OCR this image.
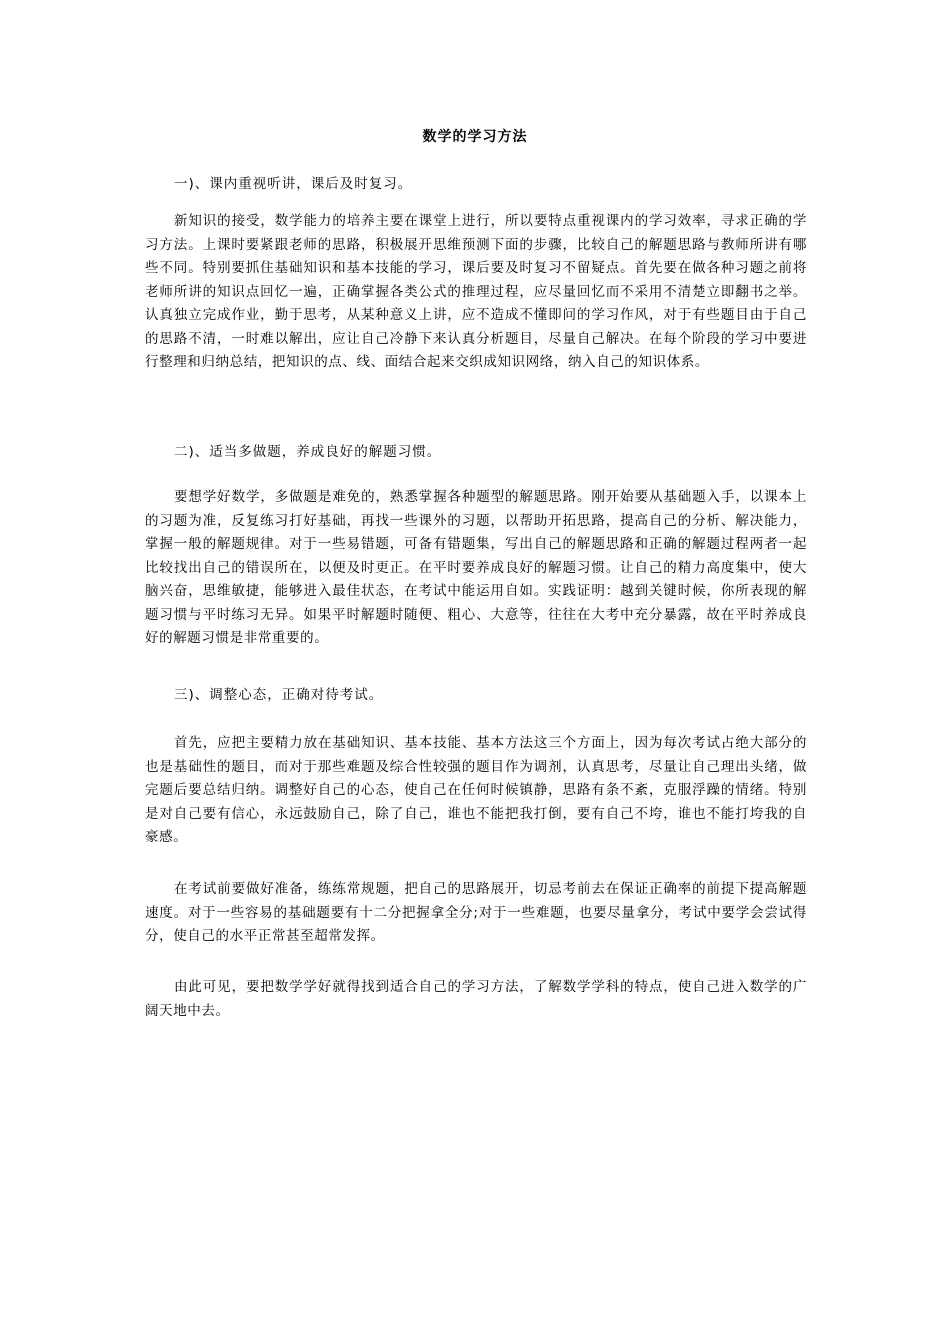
数学的学习方法
一)、课内重视听讲，课后及时复习。

新知识的接受，数学能力的培养主要在课堂上进行，所以要特点重视课内的学习效率，寻求正确的学习方法。上课时要紧跟老师的思路，积极展开思维预测下面的步骤，比较自己的解题思路与教师所讲有哪些不同。特别要抓住基础知识和基本技能的学习，课后要及时复习不留疑点。首先要在做各种习题之前将老师所讲的知识点回忆一遍，正确掌握各类公式的推理过程，应尽量回忆而不采用不清楚立即翻书之举。认真独立完成作业，勤于思考，从某种意义上讲，应不造成不懂即问的学习作风，对于有些题目由于自己的思路不清，一时难以解出，应让自己冷静下来认真分析题目，尽量自己解决。在每个阶段的学习中要进行整理和归纳总结，把知识的点、线、面结合起来交织成知识网络，纳入自己的知识体系。

二)、适当多做题，养成良好的解题习惯。

要想学好数学，多做题是难免的，熟悉掌握各种题型的解题思路。刚开始要从基础题入手，以课本上的习题为准，反复练习打好基础，再找一些课外的习题，以帮助开拓思路，提高自己的分析、解决能力，掌握一般的解题规律。对于一些易错题，可备有错题集，写出自己的解题思路和正确的解题过程两者一起比较找出自己的错误所在，以便及时更正。在平时要养成良好的解题习惯。让自己的精力高度集中，使大脑兴奋，思维敏捷，能够进入最佳状态，在考试中能运用自如。实践证明：越到关键时候，你所表现的解题习惯与平时练习无异。如果平时解题时随便、粗心、大意等，往往在大考中充分暴露，故在平时养成良好的解题习惯是非常重要的。

三)、调整心态，正确对待考试。

首先，应把主要精力放在基础知识、基本技能、基本方法这三个方面上，因为每次考试占绝大部分的也是基础性的题目，而对于那些难题及综合性较强的题目作为调剂，认真思考，尽量让自己理出头绪，做完题后要总结归纳。调整好自己的心态，使自己在任何时候镇静，思路有条不紊，克服浮躁的情绪。特别是对自己要有信心，永远鼓励自己，除了自己，谁也不能把我打倒，要有自己不垮，谁也不能打垮我的自豪感。

在考试前要做好准备，练练常规题，把自己的思路展开，切忌考前去在保证正确率的前提下提高解题速度。对于一些容易的基础题要有十二分把握拿全分;对于一些难题，也要尽量拿分，考试中要学会尝试得分，使自己的水平正常甚至超常发挥。

由此可见，要把数学学好就得找到适合自己的学习方法，了解数学学科的特点，使自己进入数学的广阔天地中去。
